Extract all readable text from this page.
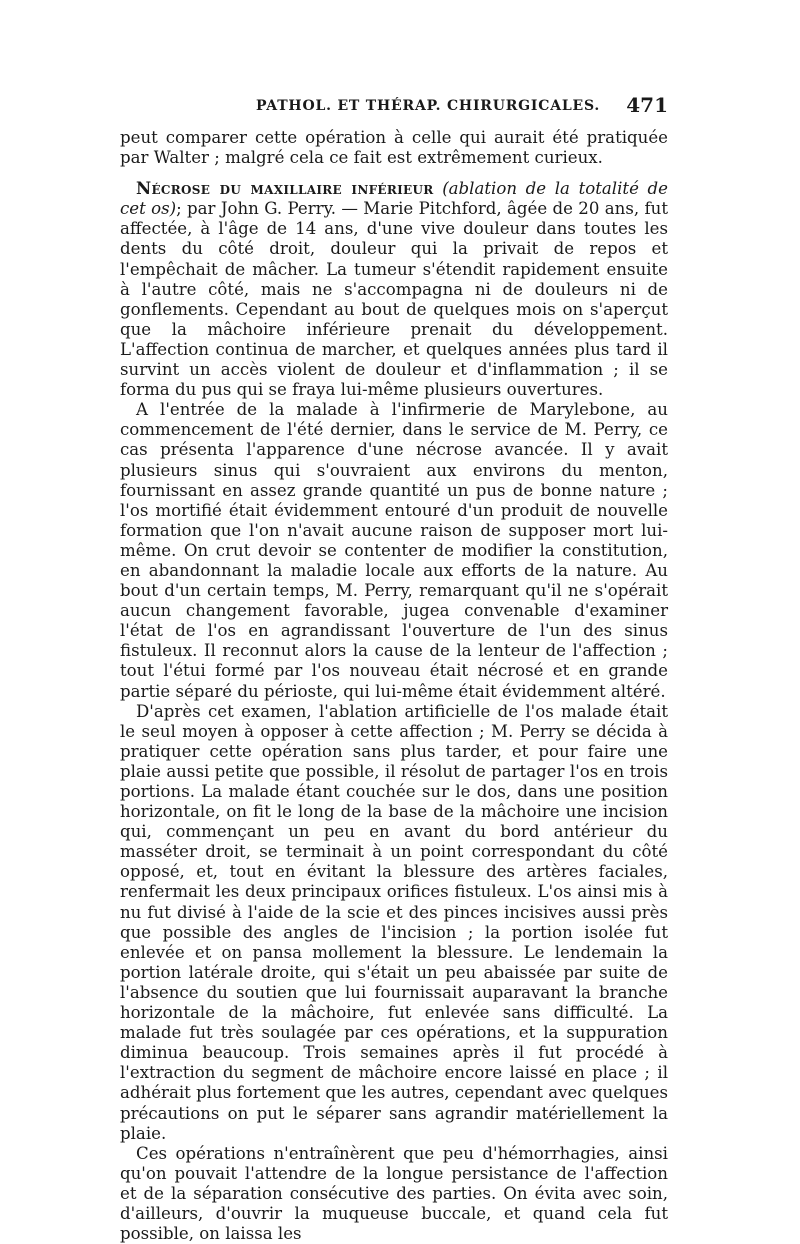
PATHOL. ET THÉRAP. CHIRURGICALES. 471

peut comparer cette opération à celle qui aurait été pratiquée par Walter ; malgré cela ce fait est extrêmement curieux.

Nécrose du maxillaire inférieur (ablation de la totalité de cet os); par John G. Perry. — Marie Pitchford, âgée de 20 ans, fut affectée, à l'âge de 14 ans, d'une vive douleur dans toutes les dents du côté droit, douleur qui la privait de repos et l'empêchait de mâcher. La tumeur s'étendit rapidement ensuite à l'autre côté, mais ne s'accompagna ni de douleurs ni de gonflements. Cependant au bout de quelques mois on s'aperçut que la mâchoire inférieure prenait du développement. L'affection continua de marcher, et quelques années plus tard il survint un accès violent de douleur et d'inflammation ; il se forma du pus qui se fraya lui-même plusieurs ouvertures.

A l'entrée de la malade à l'infirmerie de Marylebone, au commencement de l'été dernier, dans le service de M. Perry, ce cas présenta l'apparence d'une nécrose avancée. Il y avait plusieurs sinus qui s'ouvraient aux environs du menton, fournissant en assez grande quantité un pus de bonne nature ; l'os mortifié était évidemment entouré d'un produit de nouvelle formation que l'on n'avait aucune raison de supposer mort lui-même. On crut devoir se contenter de modifier la constitution, en abandonnant la maladie locale aux efforts de la nature. Au bout d'un certain temps, M. Perry, remarquant qu'il ne s'opérait aucun changement favorable, jugea convenable d'examiner l'état de l'os en agrandissant l'ouverture de l'un des sinus fistuleux. Il reconnut alors la cause de la lenteur de l'affection ; tout l'étui formé par l'os nouveau était nécrosé et en grande partie séparé du périoste, qui lui-même était évidemment altéré.

D'après cet examen, l'ablation artificielle de l'os malade était le seul moyen à opposer à cette affection ; M. Perry se décida à pratiquer cette opération sans plus tarder, et pour faire une plaie aussi petite que possible, il résolut de partager l'os en trois portions. La malade étant couchée sur le dos, dans une position horizontale, on fit le long de la base de la mâchoire une incision qui, commençant un peu en avant du bord antérieur du masséter droit, se terminait à un point correspondant du côté opposé, et, tout en évitant la blessure des artères faciales, renfermait les deux principaux orifices fistuleux. L'os ainsi mis à nu fut divisé à l'aide de la scie et des pinces incisives aussi près que possible des angles de l'incision ; la portion isolée fut enlevée et on pansa mollement la blessure. Le lendemain la portion latérale droite, qui s'était un peu abaissée par suite de l'absence du soutien que lui fournissait auparavant la branche horizontale de la mâchoire, fut enlevée sans difficulté. La malade fut très soulagée par ces opérations, et la suppuration diminua beaucoup. Trois semaines après il fut procédé à l'extraction du segment de mâchoire encore laissé en place ; il adhérait plus fortement que les autres, cependant avec quelques précautions on put le séparer sans agrandir matériellement la plaie.

Ces opérations n'entraînèrent que peu d'hémorrhagies, ainsi qu'on pouvait l'attendre de la longue persistance de l'affection et de la séparation consécutive des parties. On évita avec soin, d'ailleurs, d'ouvrir la muqueuse buccale, et quand cela fut possible, on laissa les
